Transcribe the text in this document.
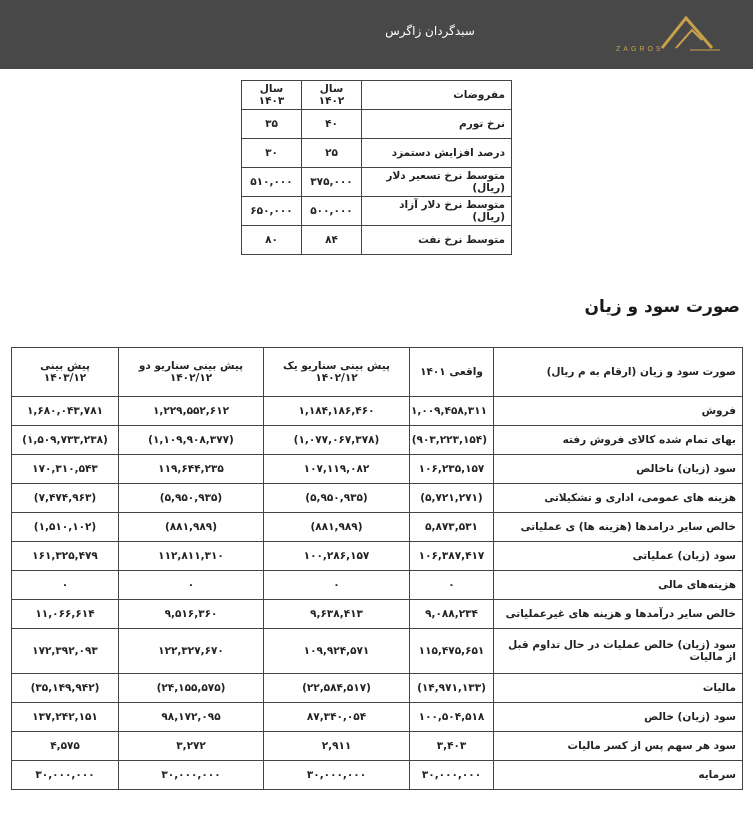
سبدگردان زاگرس
ZAGROS
مفروضات	سال ۱۴۰۲	سال ۱۴۰۳
نرخ تورم	۴۰	۳۵
درصد افزایش دستمزد	۲۵	۳۰
متوسط نرخ تسعیر دلار (ریال)	۳۷۵,۰۰۰	۵۱۰,۰۰۰
متوسط نرخ دلار آزاد (ریال)	۵۰۰,۰۰۰	۶۵۰,۰۰۰
متوسط نرخ نفت	۸۴	۸۰
صورت سود و زیان
صورت سود و زیان (ارقام به م ریال)	واقعی ۱۴۰۱	پیش بینی سناریو یک ۱۴۰۲/۱۲	پیش بینی سناریو دو ۱۴۰۲/۱۲	پیش بینی ۱۴۰۳/۱۲
فروش	۱,۰۰۹,۴۵۸,۳۱۱	۱,۱۸۴,۱۸۶,۴۶۰	۱,۲۲۹,۵۵۲,۶۱۲	۱,۶۸۰,۰۴۳,۷۸۱
بهای تمام شده کالای فروش رفته	(۹۰۳,۲۲۳,۱۵۴)	(۱,۰۷۷,۰۶۷,۳۷۸)	(۱,۱۰۹,۹۰۸,۳۷۷)	(۱,۵۰۹,۷۳۳,۲۳۸)
سود (زیان) ناخالص	۱۰۶,۲۳۵,۱۵۷	۱۰۷,۱۱۹,۰۸۲	۱۱۹,۶۴۴,۲۳۵	۱۷۰,۳۱۰,۵۴۳
هزینه های عمومی، اداری و تشکیلاتی	(۵,۷۲۱,۲۷۱)	(۵,۹۵۰,۹۳۵)	(۵,۹۵۰,۹۳۵)	(۷,۴۷۴,۹۶۳)
خالص سایر درامدها (هزینه ها) ی عملیاتی	۵,۸۷۳,۵۳۱	(۸۸۱,۹۸۹)	(۸۸۱,۹۸۹)	(۱,۵۱۰,۱۰۲)
سود (زیان) عملیاتی	۱۰۶,۳۸۷,۴۱۷	۱۰۰,۲۸۶,۱۵۷	۱۱۲,۸۱۱,۳۱۰	۱۶۱,۳۲۵,۴۷۹
هزینه‌های مالی	۰	۰	۰	۰
خالص سایر درآمدها و هزینه های غیرعملیاتی	۹,۰۸۸,۲۳۴	۹,۶۳۸,۴۱۳	۹,۵۱۶,۳۶۰	۱۱,۰۶۶,۶۱۴
سود (زیان) خالص عملیات در حال تداوم قبل از مالیات	۱۱۵,۴۷۵,۶۵۱	۱۰۹,۹۲۴,۵۷۱	۱۲۲,۳۲۷,۶۷۰	۱۷۲,۳۹۲,۰۹۳
مالیات	(۱۴,۹۷۱,۱۳۳)	(۲۲,۵۸۴,۵۱۷)	(۲۴,۱۵۵,۵۷۵)	(۳۵,۱۴۹,۹۴۲)
سود (زیان) خالص	۱۰۰,۵۰۴,۵۱۸	۸۷,۳۴۰,۰۵۴	۹۸,۱۷۲,۰۹۵	۱۳۷,۲۴۲,۱۵۱
سود هر سهم پس از کسر مالیات	۳,۴۰۳	۲,۹۱۱	۳,۲۷۲	۴,۵۷۵
سرمایه	۳۰,۰۰۰,۰۰۰	۳۰,۰۰۰,۰۰۰	۳۰,۰۰۰,۰۰۰	۳۰,۰۰۰,۰۰۰
